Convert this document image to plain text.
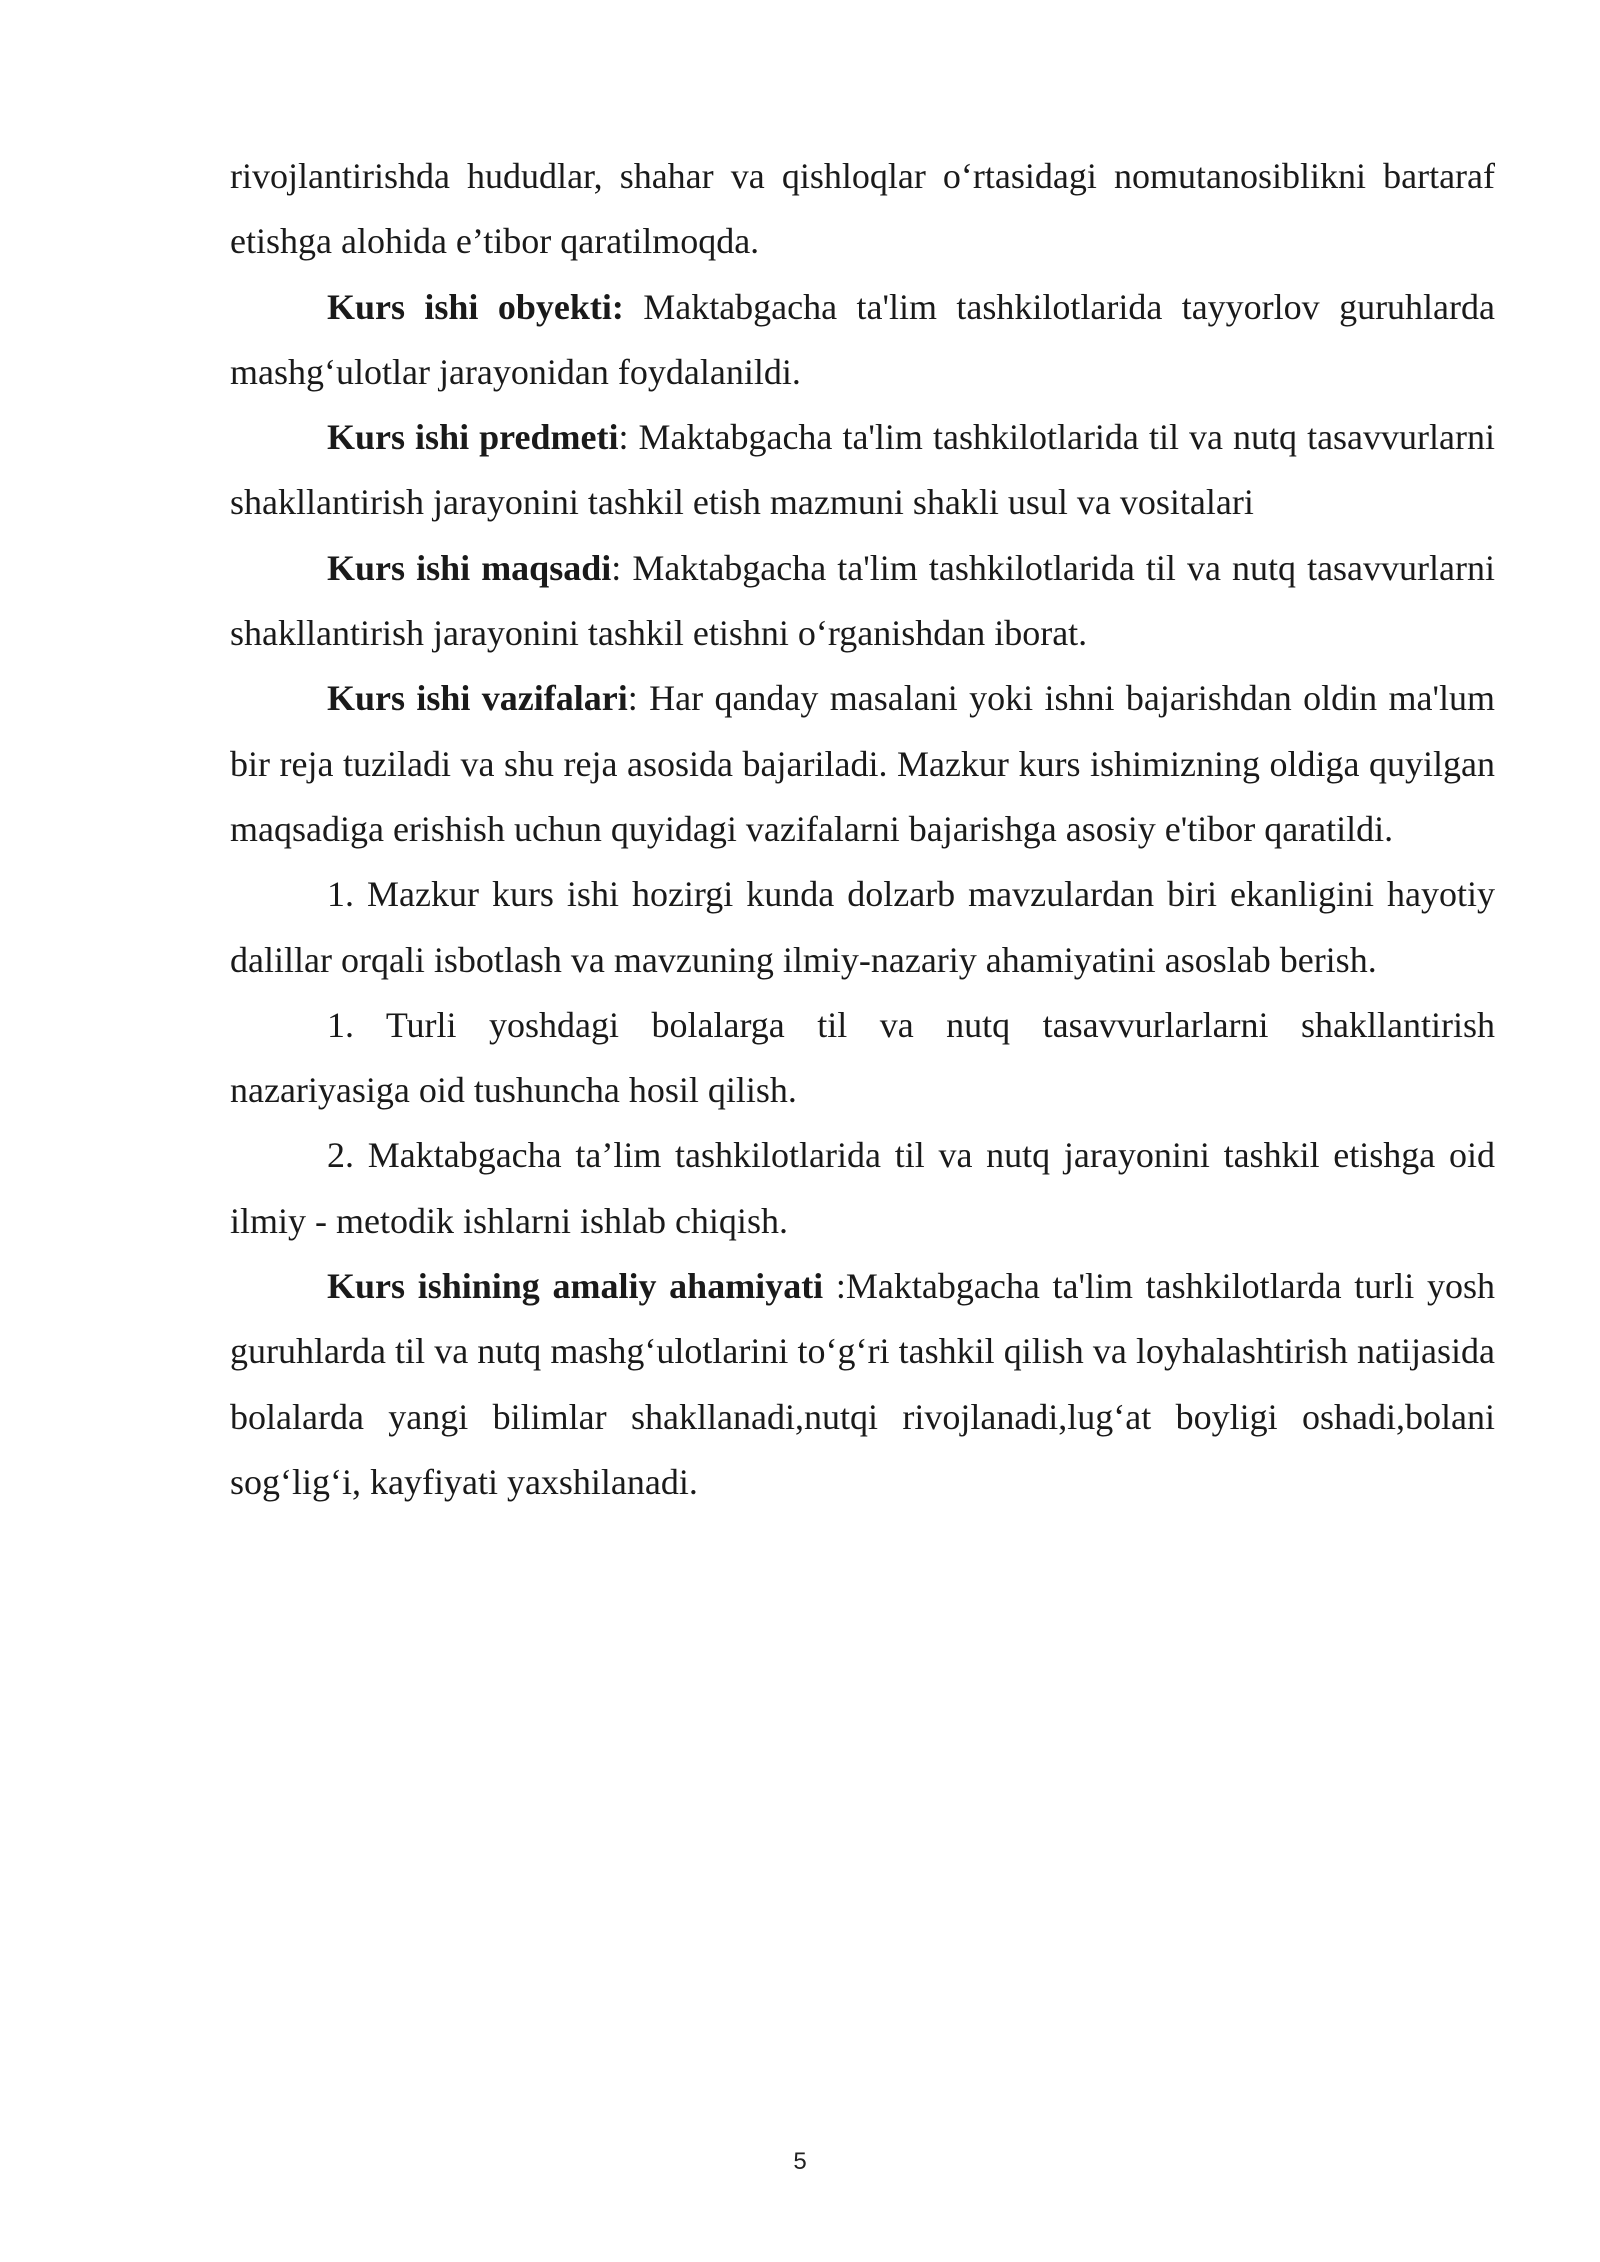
rivojlantirishda hududlar, shahar va qishloqlar o‘rtasidagi nomutanosiblikni bartaraf etishga alohida e’tibor qaratilmoqda.

Kurs ishi obyekti: Maktabgacha ta'lim tashkilotlarida tayyorlov guruhlarda mashg‘ulotlar jarayonidan foydalanildi.

Kurs ishi predmeti: Maktabgacha ta'lim tashkilotlarida til va nutq tasavvurlarni shakllantirish jarayonini tashkil etish mazmuni shakli usul va vositalari

Kurs ishi maqsadi: Maktabgacha ta'lim tashkilotlarida til va nutq tasavvurlarni shakllantirish jarayonini tashkil etishni o‘rganishdan iborat.

Kurs ishi vazifalari: Har qanday masalani yoki ishni bajarishdan oldin ma'lum bir reja tuziladi va shu reja asosida bajariladi. Mazkur kurs ishimizning oldiga quyilgan maqsadiga erishish uchun quyidagi vazifalarni bajarishga asosiy e'tibor qaratildi.

1. Mazkur kurs ishi hozirgi kunda dolzarb mavzulardan biri ekanligini hayotiy dalillar orqali isbotlash va mavzuning ilmiy-nazariy ahamiyatini asoslab berish.

1. Turli yoshdagi bolalarga til va nutq tasavvurlarlarni shakllantirish nazariyasiga oid tushuncha hosil qilish.

2. Maktabgacha ta’lim tashkilotlarida til va nutq jarayonini tashkil etishga oid ilmiy - metodik ishlarni ishlab chiqish.

Kurs ishining amaliy ahamiyati :Maktabgacha ta'lim tashkilotlarda turli yosh guruhlarda til va nutq mashg‘ulotlarini to‘g‘ri tashkil qilish va loyhalashtirish natijasida bolalarda yangi bilimlar shakllanadi,nutqi rivojlanadi,lug‘at boyligi oshadi,bolani sog‘lig‘i, kayfiyati yaxshilanadi.

5
